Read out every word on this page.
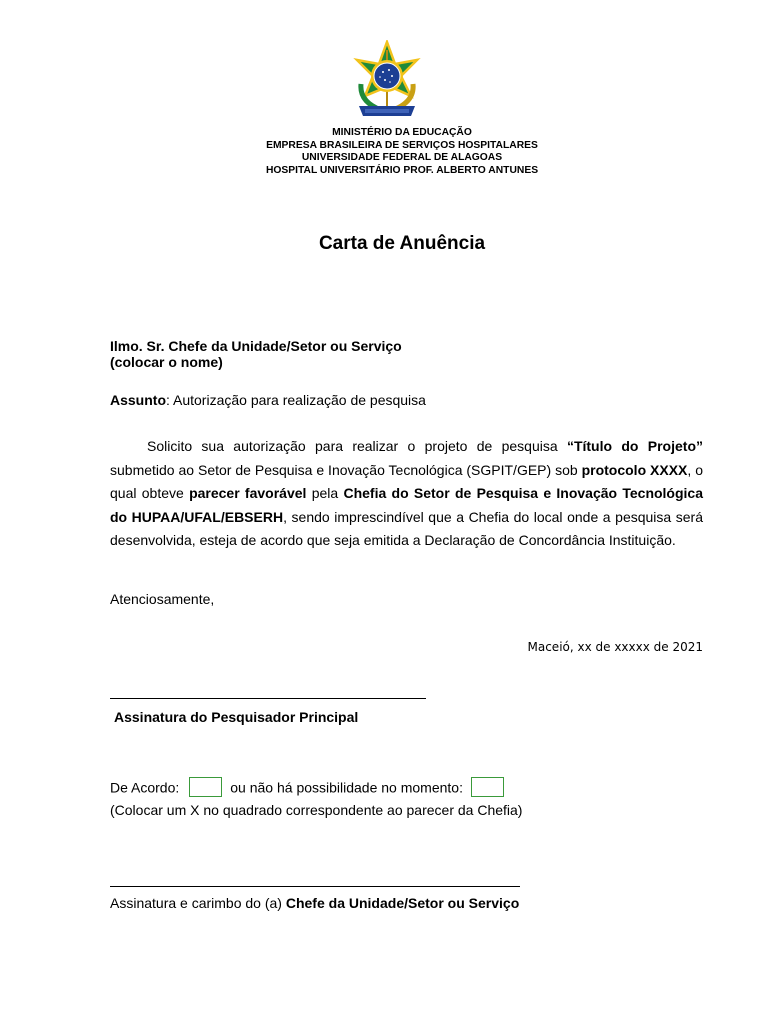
MINISTÉRIO DA EDUCAÇÃO
EMPRESA BRASILEIRA DE SERVIÇOS HOSPITALARES
UNIVERSIDADE FEDERAL DE ALAGOAS
HOSPITAL UNIVERSITÁRIO PROF. ALBERTO ANTUNES
Carta de Anuência
Ilmo. Sr. Chefe da Unidade/Setor ou Serviço
(colocar o nome)
Assunto: Autorização para realização de pesquisa
Solicito sua autorização para realizar o projeto de pesquisa “Título do Projeto” submetido ao Setor de Pesquisa e Inovação Tecnológica (SGPIT/GEP) sob protocolo XXXX, o qual obteve parecer favorável pela Chefia do Setor de Pesquisa e Inovação Tecnológica do HUPAA/UFAL/EBSERH, sendo imprescindível que a Chefia do local onde a pesquisa será desenvolvida, esteja de acordo que seja emitida a Declaração de Concordância Instituição.
Atenciosamente,
Maceió, xx de xxxxx de 2021
Assinatura do Pesquisador Principal
De Acordo:	ou não há possibilidade no momento:
(Colocar um X no quadrado correspondente ao parecer da Chefia)
Assinatura e carimbo do (a) Chefe da Unidade/Setor ou Serviço
